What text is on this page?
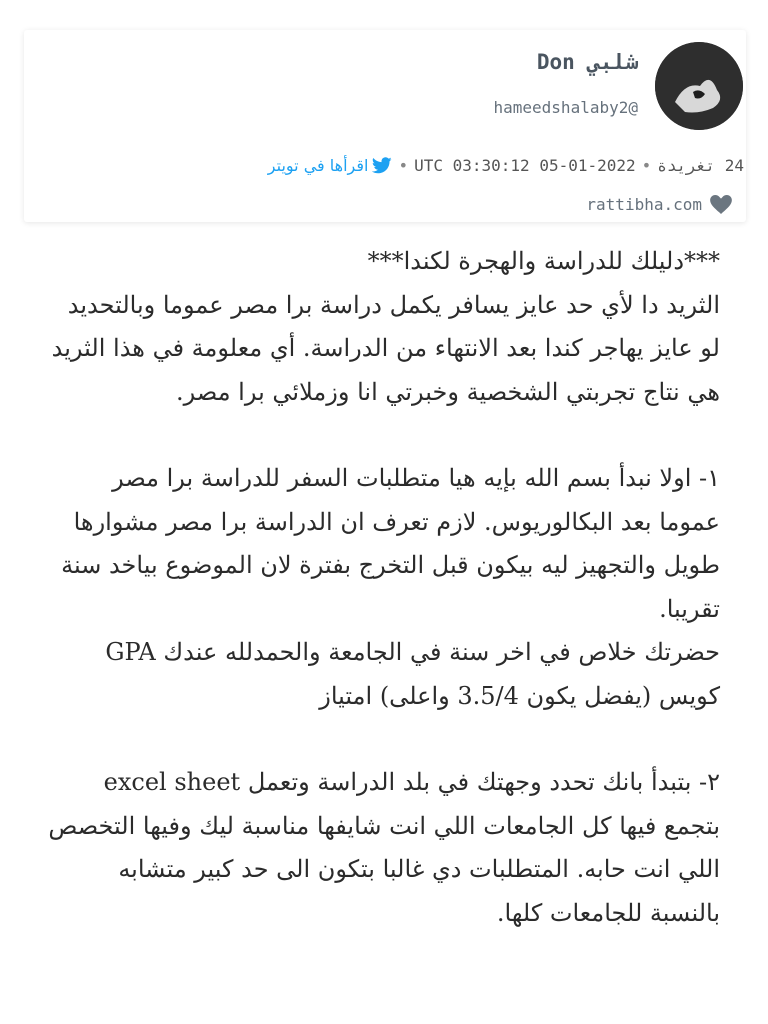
Don شلبي
hameedshalaby2@
24 تغريدة
•
UTC 03:30:12 05-01-2022
•
اقرأها في تويتر
rattibha.com

***دليلك للدراسة والهجرة لكندا***
الثريد دا لأي حد عايز يسافر يكمل دراسة برا مصر عموما وبالتحديد لو عايز يهاجر كندا بعد الانتهاء من الدراسة. أي معلومة في هذا الثريد هي نتاج تجربتي الشخصية وخبرتي انا وزملائي برا مصر.

١- اولا نبدأ بسم الله بإيه هيا متطلبات السفر للدراسة برا مصر عموما بعد البكالوريوس. لازم تعرف ان الدراسة برا مصر مشوارها طويل والتجهيز ليه بيكون قبل التخرج بفترة لان الموضوع بياخد سنة تقريبا.
حضرتك خلاص في اخر سنة في الجامعة والحمدلله عندك GPA كويس (يفضل يكون 3.5/4 واعلى) امتياز

٢- بتبدأ بانك تحدد وجهتك في بلد الدراسة وتعمل excel sheet بتجمع فيها كل الجامعات اللي انت شايفها مناسبة ليك وفيها التخصص اللي انت حابه. المتطلبات دي غالبا بتكون الى حد كبير متشابه بالنسبة للجامعات كلها.
